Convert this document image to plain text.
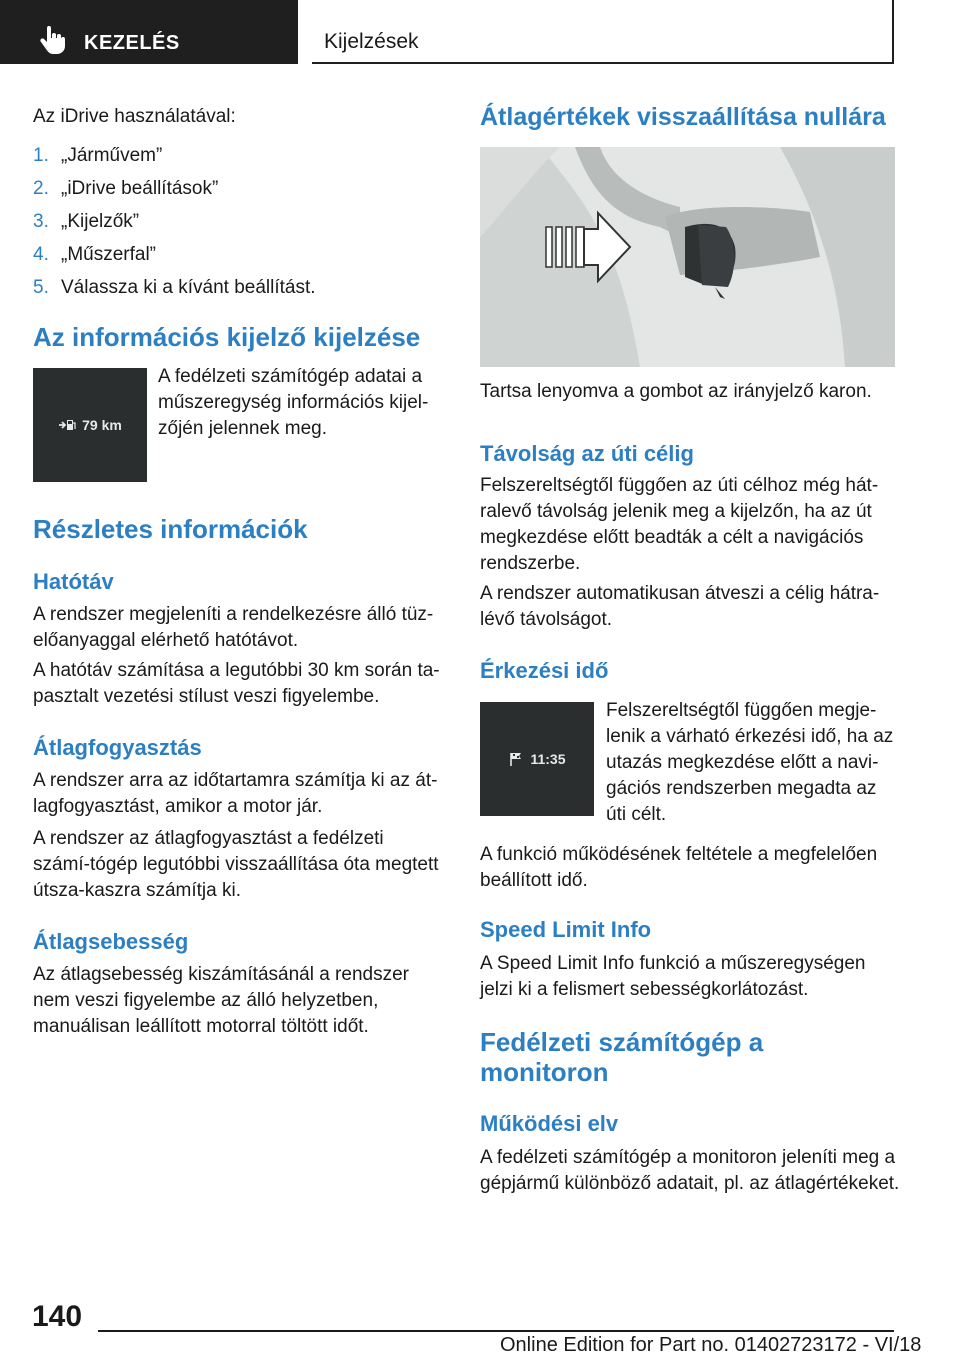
KEZELÉS	Kijelzések

Az iDrive használatával:

1. „Járművem”
2. „iDrive beállítások”
3. „Kijelzők”
4. „Műszerfal”
5. Válassza ki a kívánt beállítást.
Az információs kijelző kijelzése
79 km

A fedélzeti számítógép adatai a műszeregység információs kijel-zőjén jelennek meg.

Részletes információk
Hatótáv

A rendszer megjeleníti a rendelkezésre álló tüz-előanyaggal elérhető hatótávot.

A hatótáv számítása a legutóbbi 30 km során ta-pasztalt vezetési stílust veszi figyelembe.

Átlagfogyasztás

A rendszer arra az időtartamra számítja ki az át-lagfogyasztást, amikor a motor jár.

A rendszer az átlagfogyasztást a fedélzeti számí-tógép legutóbbi visszaállítása óta megtett útsza-kaszra számítja ki.

Átlagsebesség

Az átlagsebesség kiszámításánál a rendszer nem veszi figyelembe az álló helyzetben, manuálisan leállított motorral töltött időt.

Átlagértékek visszaállítása nullára

Tartsa lenyomva a gombot az irányjelző karon.

Távolság az úti célig

Felszereltségtől függően az úti célhoz még hát-ralevő távolság jelenik meg a kijelzőn, ha az út megkezdése előtt beadták a célt a navigációs rendszerbe.

A rendszer automatikusan átveszi a célig hátra-lévő távolságot.

Érkezési idő
11:35

Felszereltségtől függően megje-lenik a várható érkezési idő, ha az utazás megkezdése előtt a navi-gációs rendszerben megadta az úti célt.

A funkció működésének feltétele a megfelelően beállított idő.

Speed Limit Info

A Speed Limit Info funkció a műszeregységen jelzi ki a felismert sebességkorlátozást.

Fedélzeti számítógép a monitoron
Működési elv

A fedélzeti számítógép a monitoron jeleníti meg a gépjármű különböző adatait, pl. az átlagértékeket.

140
Online Edition for Part no. 01402723172 - VI/18
